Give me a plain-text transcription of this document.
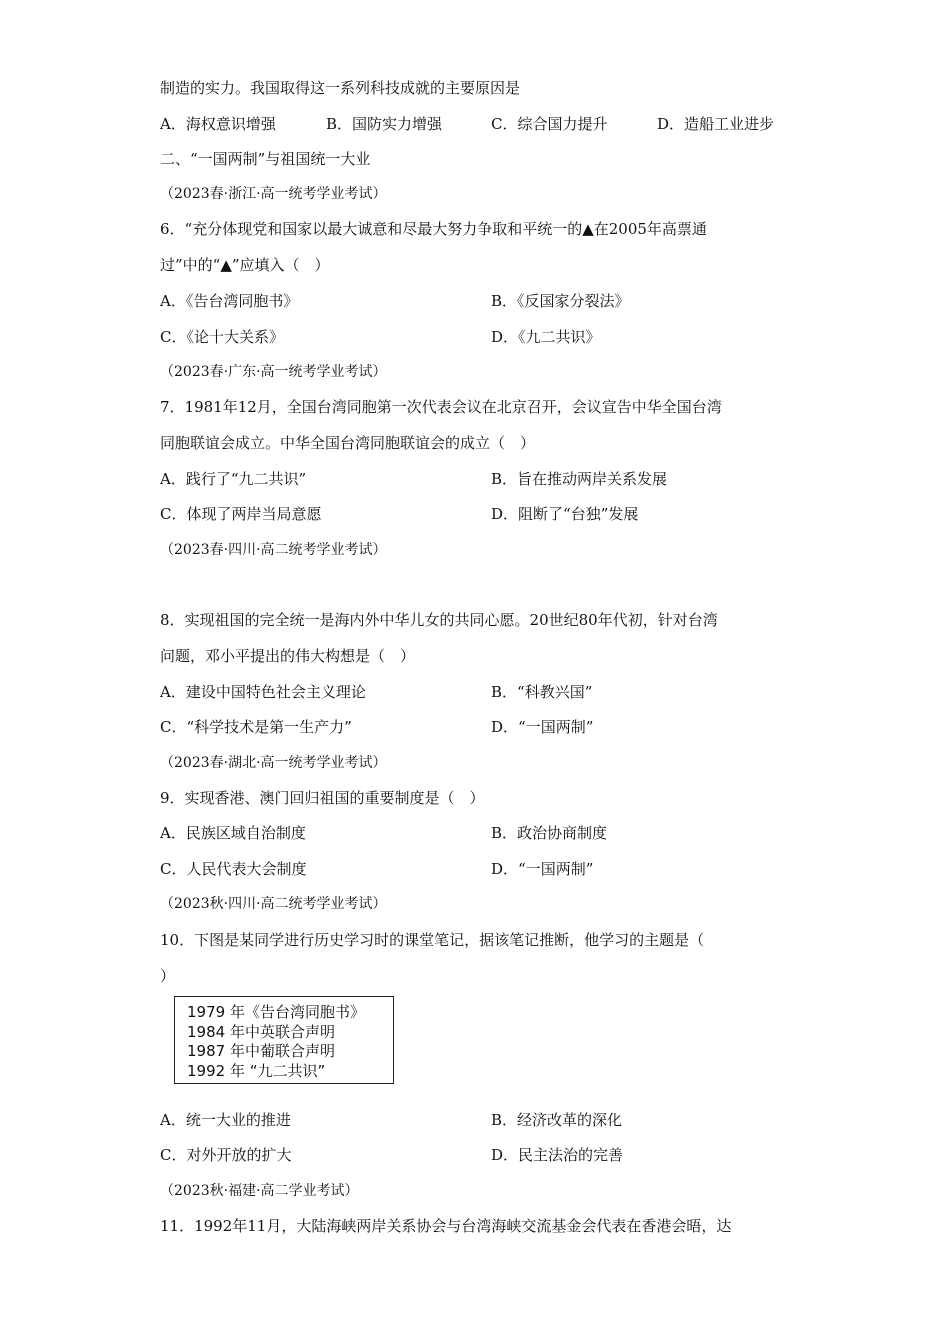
制造的实力。我国取得这一系列科技成就的主要原因是
A．海权意识增强	B．国防实力增强	C．综合国力提升	D．造船工业进步
二、“一国两制”与祖国统一大业
（2023春·浙江·高一统考学业考试）
6．“充分体现党和国家以最大诚意和尽最大努力争取和平统一的▲在2005年高票通
过”中的“▲”应填入（　）
A．《告台湾同胞书》	B．《反国家分裂法》
C．《论十大关系》	D．《九二共识》
（2023春·广东·高一统考学业考试）
7．1981年12月，全国台湾同胞第一次代表会议在北京召开，会议宣告中华全国台湾
同胞联谊会成立。中华全国台湾同胞联谊会的成立（　）
A．践行了“九二共识”	B．旨在推动两岸关系发展
C．体现了两岸当局意愿	D．阻断了“台独”发展
（2023春·四川·高二统考学业考试）
8．实现祖国的完全统一是海内外中华儿女的共同心愿。20世纪80年代初，针对台湾
问题，邓小平提出的伟大构想是（　）
A．建设中国特色社会主义理论	B．“科教兴国”
C．“科学技术是第一生产力”	D．“一国两制”
（2023春·湖北·高一统考学业考试）
9．实现香港、澳门回归祖国的重要制度是（　）
A．民族区域自治制度	B．政治协商制度
C．人民代表大会制度	D．“一国两制”
（2023秋·四川·高二统考学业考试）
10．下图是某同学进行历史学习时的课堂笔记，据该笔记推断，他学习的主题是（
）
1979 年《告台湾同胞书》
1984 年中英联合声明
1987 年中葡联合声明
1992 年 “九二共识”
A．统一大业的推进	B．经济改革的深化
C．对外开放的扩大	D．民主法治的完善
（2023秋·福建·高二学业考试）
11．1992年11月，大陆海峡两岸关系协会与台湾海峡交流基金会代表在香港会晤，达
